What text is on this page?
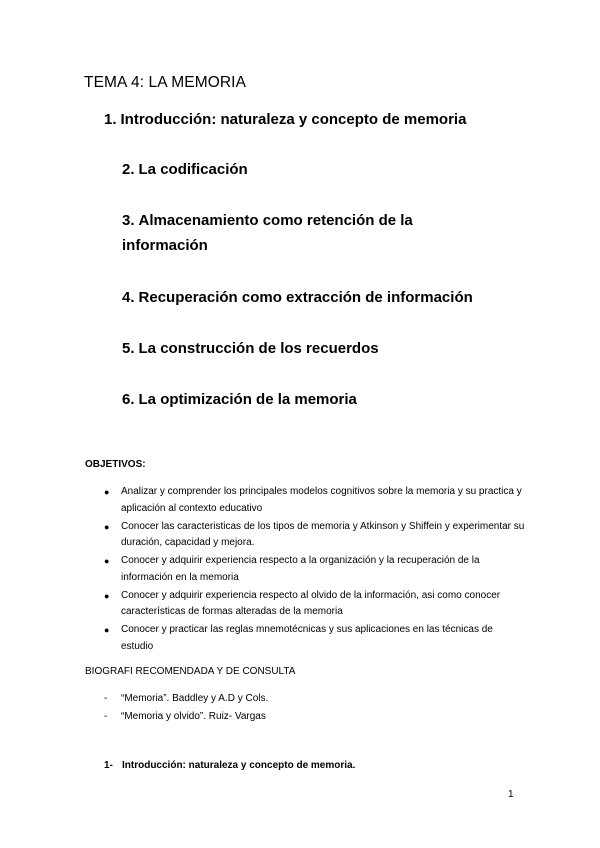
TEMA 4: LA MEMORIA

1. Introducción: naturaleza y concepto de memoria

2. La codificación

3. Almacenamiento como retención de la información

4. Recuperación como extracción de información

5. La construcción de los recuerdos

6. La optimización de la memoria

OBJETIVOS:
● Analizar y comprender los principales modelos cognitivos sobre la memoria y su practica y aplicación al contexto educativo
● Conocer las caracteristicas de los tipos de memoria y Atkinson y Shiffein y experimentar su duración, capacidad y mejora.
● Conocer y adquirir experiencia respecto a la organización y la recuperación de la información en la memoria
● Conocer y adquirir experiencia respecto al olvido de la información, asi como conocer características de formas alteradas de la memoria
● Conocer y practicar las reglas mnemotécnicas y sus aplicaciones en las técnicas de estudio
BIOGRAFI RECOMENDADA Y DE CONSULTA
- “Memoria”. Baddley y A.D y Cols.
- “Memoria y olvido”. Ruiz- Vargas
1- Introducción: naturaleza y concepto de memoria.
1
